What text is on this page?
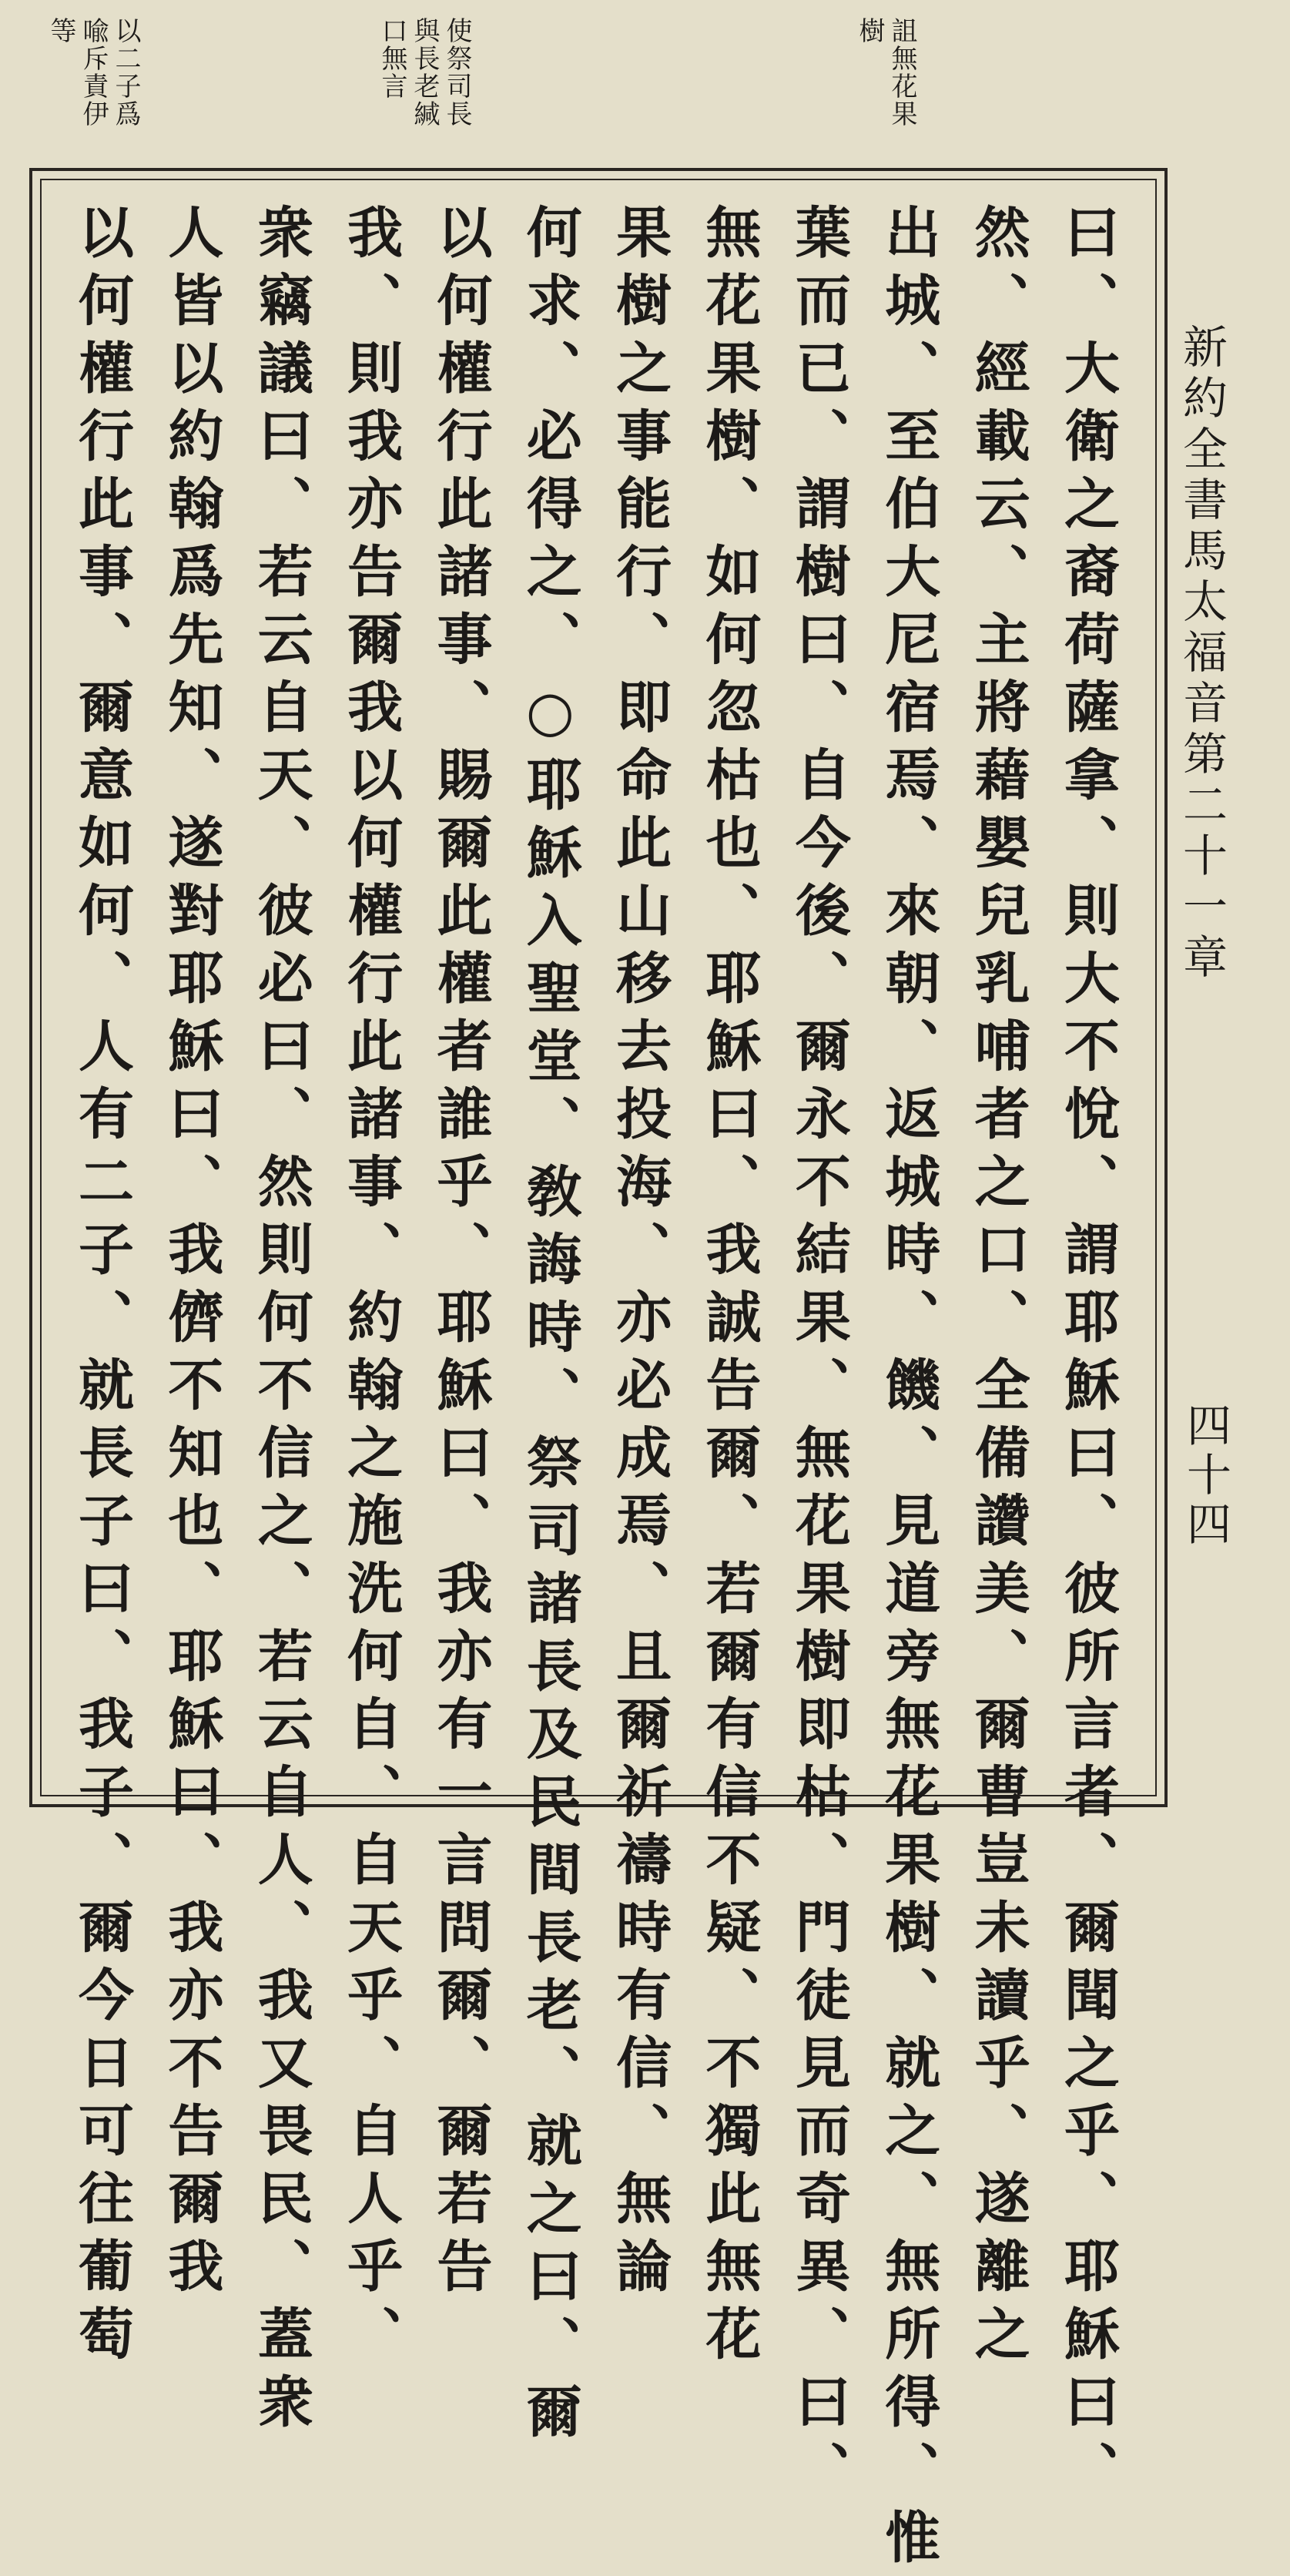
詛無花果
樹
使祭司長
與長老緘
口無言
以二子爲
喩斥責伊
等
曰、大衛之裔荷薩拿、則大不悅、謂耶穌曰、彼所言者、爾聞之乎、耶穌曰、
然、經載云、主將藉嬰兒乳哺者之口、全備讚美、爾曹豈未讀乎、遂離之
出城、至伯大尼宿焉、來朝、返城時、饑、見道旁無花果樹、就之、無所得、惟
葉而已、謂樹曰、自今後、爾永不結果、無花果樹即枯、門徒見而奇異、曰、
無花果樹、如何忽枯也、耶穌曰、我誠告爾、若爾有信不疑、不獨此無花
果樹之事能行、即命此山移去投海、亦必成焉、且爾祈禱時有信、無論
何求、必得之、○耶穌入聖堂、敎誨時、祭司諸長及民間長老、就之曰、爾
以何權行此諸事、賜爾此權者誰乎、耶穌曰、我亦有一言問爾、爾若告
我、則我亦告爾我以何權行此諸事、約翰之施洗何自、自天乎、自人乎、
衆竊議曰、若云自天、彼必曰、然則何不信之、若云自人、我又畏民、蓋衆
人皆以約翰爲先知、遂對耶穌曰、我儕不知也、耶穌曰、我亦不告爾我
以何權行此事、爾意如何、人有二子、就長子曰、我子、爾今日可往葡萄	新約全書馬太福音第二十一章
四十四
